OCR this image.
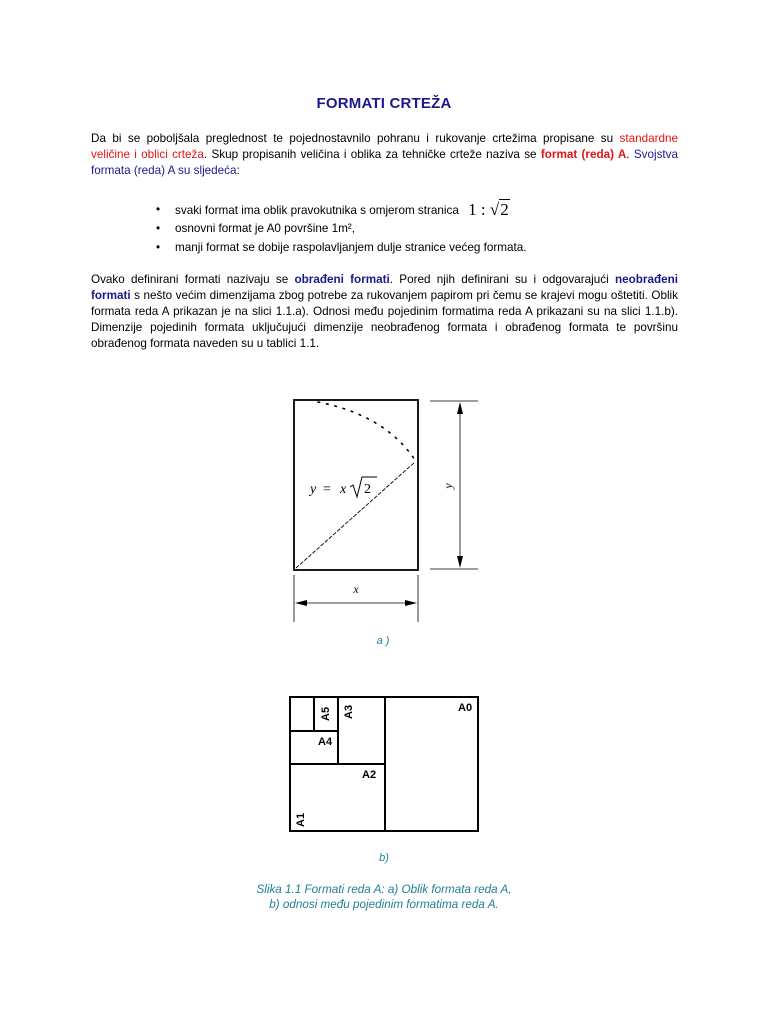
FORMATI CRTEŽA
Da bi se poboljšala preglednost te pojednostavnilo pohranu i rukovanje crtežima propisane su standardne veličine i oblici crteža. Skup propisanih veličina i oblika za tehničke crteže naziva se format (reda) A. Svojstva formata (reda) A su sljedeća:
• svaki format ima oblik pravokutnika s omjerom stranica 1 : √2
• osnovni format je A0 površine 1m²,
• manji format se dobije raspolavljanjem dulje stranice većeg formata.
Ovako definirani formati nazivaju se obrađeni formati. Pored njih definirani su i odgovarajući neobrađeni formati s nešto većim dimenzijama zbog potrebe za rukovanjem papirom pri čemu se krajevi mogu oštetiti. Oblik formata reda A prikazan je na slici 1.1.a). Odnosi među pojedinim formatima reda A prikazani su na slici 1.1.b). Dimenzije pojedinih formata uključujući dimenzije neobrađenog formata i obrađenog formata te površinu obrađenog formata naveden su u tablici 1.1.
x
y
y = x 2
a )
A0
A1
A2
A3
A4
A5
b)
Slika 1.1 Formati reda A: a) Oblik formata reda A,
b) odnosi među pojedinim formatima reda A.
